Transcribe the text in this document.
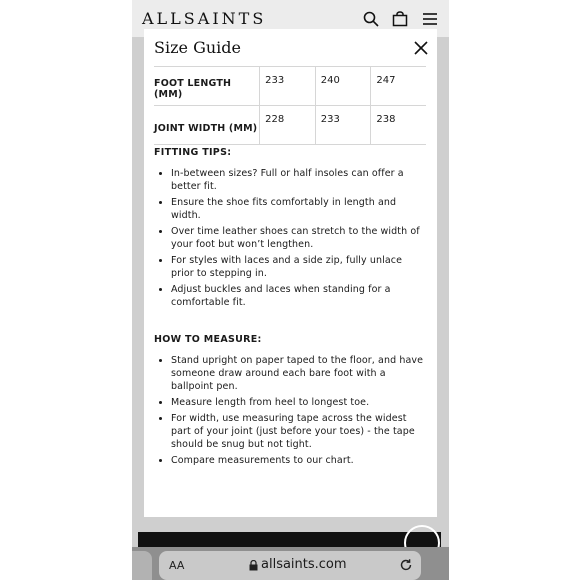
ALLSAINTS
Size Guide
FOOT LENGTH (MM)	233	240	247
JOINT WIDTH (MM)	228	233	238

FITTING TIPS:

• In-between sizes? Full or half insoles can offer a better fit.
• Ensure the shoe fits comfortably in length and width.
• Over time leather shoes can stretch to the width of your foot but won’t lengthen.
• For styles with laces and a side zip, fully unlace prior to stepping in.
• Adjust buckles and laces when standing for a comfortable fit.

HOW TO MEASURE:

• Stand upright on paper taped to the floor, and have someone draw around each bare foot with a ballpoint pen.
• Measure length from heel to longest toe.
• For width, use measuring tape across the widest part of your joint (just before your toes) - the tape should be snug but not tight.
• Compare measurements to our chart.
AA	allsaints.com
